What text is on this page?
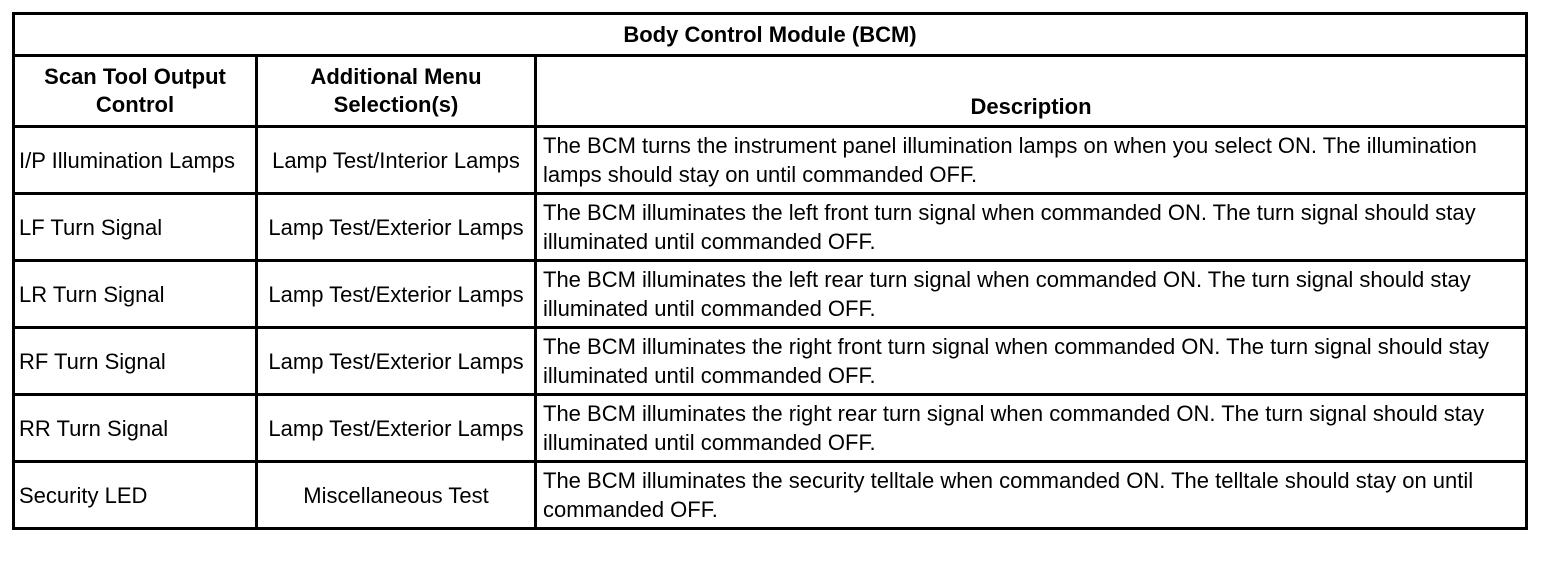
Body Control Module (BCM)		
Scan Tool Output Control	Additional Menu Selection(s)	Description
I/P Illumination Lamps	Lamp Test/Interior Lamps	The BCM turns the instrument panel illumination lamps on when you select ON. The illumination lamps should stay on until commanded OFF.
LF Turn Signal	Lamp Test/Exterior Lamps	The BCM illuminates the left front turn signal when commanded ON. The turn signal should stay illuminated until commanded OFF.
LR Turn Signal	Lamp Test/Exterior Lamps	The BCM illuminates the left rear turn signal when commanded ON. The turn signal should stay illuminated until commanded OFF.
RF Turn Signal	Lamp Test/Exterior Lamps	The BCM illuminates the right front turn signal when commanded ON. The turn signal should stay illuminated until commanded OFF.
RR Turn Signal	Lamp Test/Exterior Lamps	The BCM illuminates the right rear turn signal when commanded ON. The turn signal should stay illuminated until commanded OFF.
Security LED	Miscellaneous Test	The BCM illuminates the security telltale when commanded ON. The telltale should stay on until commanded OFF.
